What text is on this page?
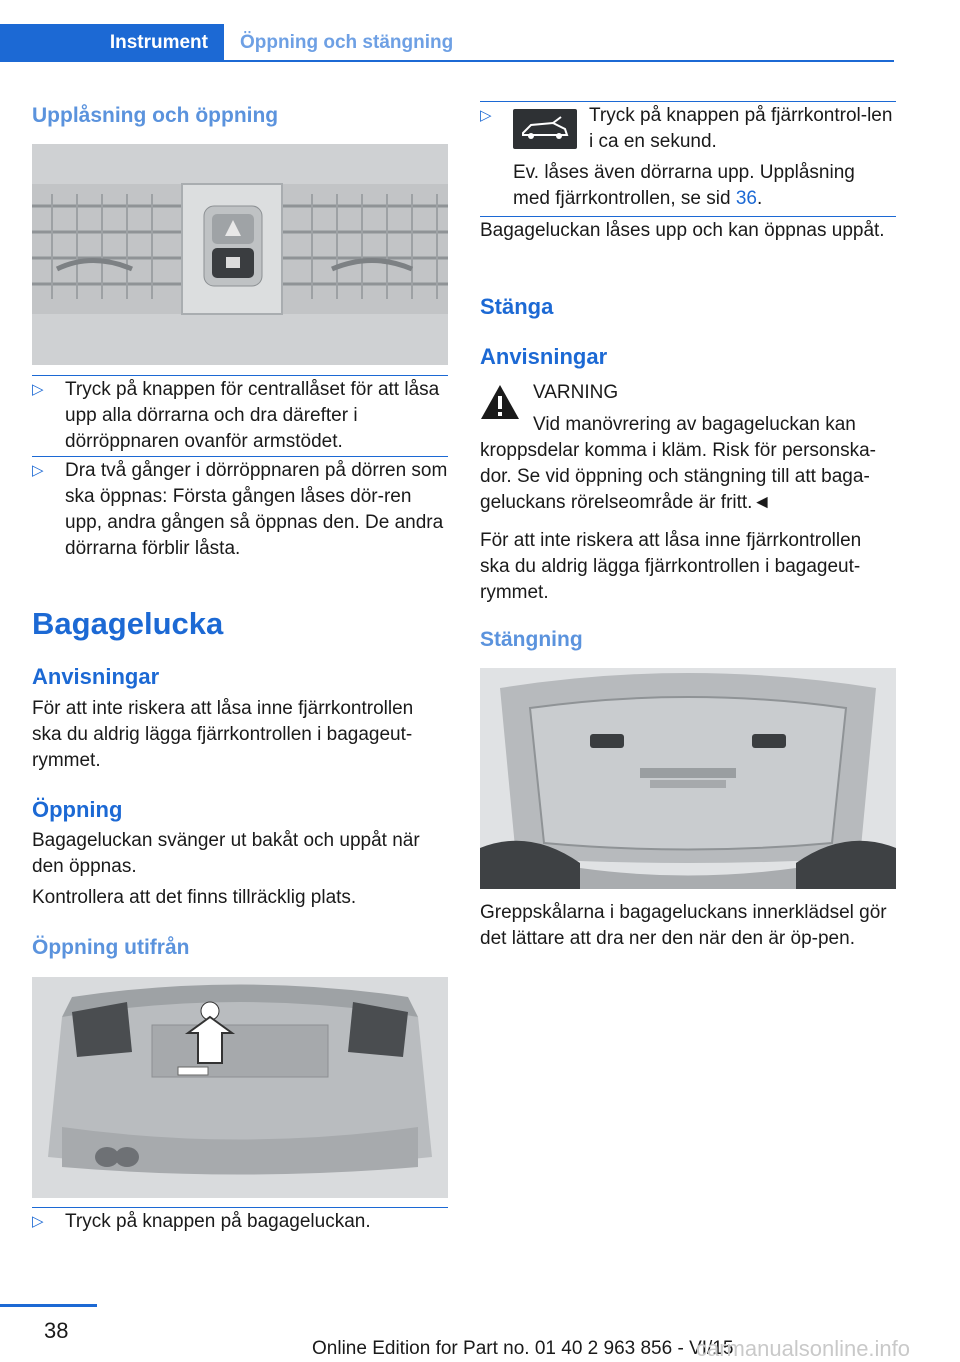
Instrument	Öppning och stängning
Upplåsning och öppning
▷ Tryck på knappen för centrallåset för att låsa upp alla dörrarna och dra därefter i dörröppnaren ovanför armstödet.
▷ Dra två gånger i dörröppnaren på dörren som ska öppnas: Första gången låses dör-ren upp, andra gången så öppnas den. De andra dörrarna förblir låsta.
Bagagelucka
Anvisningar
För att inte riskera att låsa inne fjärrkontrollen ska du aldrig lägga fjärrkontrollen i bagageut-rymmet.
Öppning
Bagageluckan svänger ut bakåt och uppåt när den öppnas.
Kontrollera att det finns tillräcklig plats.
Öppning utifrån
▷ Tryck på knappen på bagageluckan.
▷	Tryck på knappen på fjärrkontrol-len i ca en sekund.
Ev. låses även dörrarna upp. Upplåsning med fjärrkontrollen, se sid 36.
Bagageluckan låses upp och kan öppnas uppåt.
Stänga
Anvisningar
VARNING
Vid manövrering av bagageluckan kan kroppsdelar komma i kläm. Risk för personska-dor. Se vid öppning och stängning till att baga-geluckans rörelseområde är fritt.◄
För att inte riskera att låsa inne fjärrkontrollen ska du aldrig lägga fjärrkontrollen i bagageut-rymmet.
Stängning
Greppskålarna i bagageluckans innerklädsel gör det lättare att dra ner den när den är öp-pen.
38
Online Edition for Part no. 01 40 2 963 856 - VI/15
carmanualsonline.info
